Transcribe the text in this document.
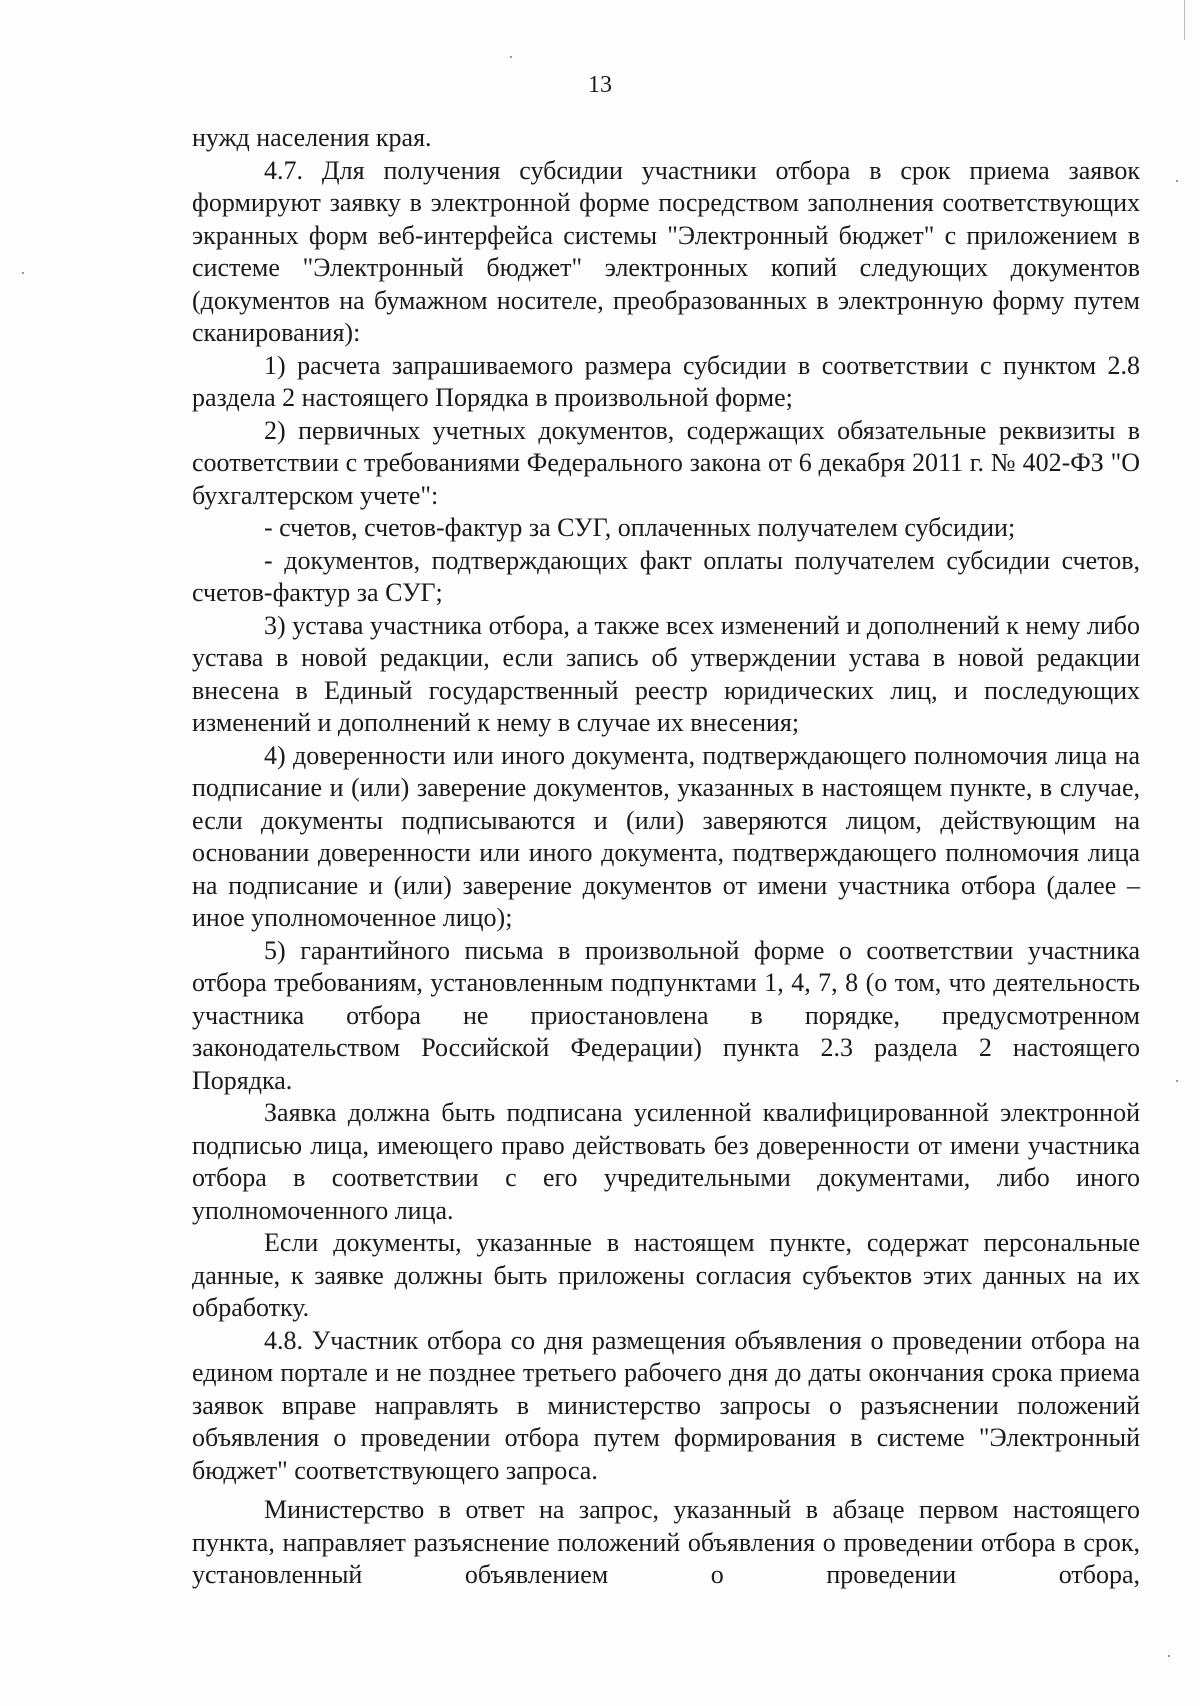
13

нужд населения края.

4.7. Для получения субсидии участники отбора в срок приема заявок формируют заявку в электронной форме посредством заполнения соответствующих экранных форм веб-интерфейса системы "Электронный бюджет" с приложением в системе "Электронный бюджет" электронных копий следующих документов (документов на бумажном носителе, преобразованных в электронную форму путем сканирования):

1) расчета запрашиваемого размера субсидии в соответствии с пунктом 2.8 раздела 2 настоящего Порядка в произвольной форме;

2) первичных учетных документов, содержащих обязательные реквизиты в соответствии с требованиями Федерального закона от 6 декабря 2011 г. № 402-ФЗ "О бухгалтерском учете":

- счетов, счетов-фактур за СУГ, оплаченных получателем субсидии;

- документов, подтверждающих факт оплаты получателем субсидии счетов, счетов-фактур за СУГ;

3) устава участника отбора, а также всех изменений и дополнений к нему либо устава в новой редакции, если запись об утверждении устава в новой редакции внесена в Единый государственный реестр юридических лиц, и последующих изменений и дополнений к нему в случае их внесения;

4) доверенности или иного документа, подтверждающего полномочия лица на подписание и (или) заверение документов, указанных в настоящем пункте, в случае, если документы подписываются и (или) заверяются лицом, действующим на основании доверенности или иного документа, подтверждающего полномочия лица на подписание и (или) заверение документов от имени участника отбора (далее – иное уполномоченное лицо);

5) гарантийного письма в произвольной форме о соответствии участника отбора требованиям, установленным подпунктами 1, 4, 7, 8 (о том, что деятельность участника отбора не приостановлена в порядке, предусмотренном законодательством Российской Федерации) пункта 2.3 раздела 2 настоящего Порядка.

Заявка должна быть подписана усиленной квалифицированной электронной подписью лица, имеющего право действовать без доверенности от имени участника отбора в соответствии с его учредительными документами, либо иного уполномоченного лица.

Если документы, указанные в настоящем пункте, содержат персональные данные, к заявке должны быть приложены согласия субъектов этих данных на их обработку.

4.8. Участник отбора со дня размещения объявления о проведении отбора на едином портале и не позднее третьего рабочего дня до даты окончания срока приема заявок вправе направлять в министерство запросы о разъяснении положений объявления о проведении отбора путем формирования в системе "Электронный бюджет" соответствующего запроса.

Министерство в ответ на запрос, указанный в абзаце первом настоящего пункта, направляет разъяснение положений объявления о проведении отбора в срок, установленный объявлением о проведении отбора,
